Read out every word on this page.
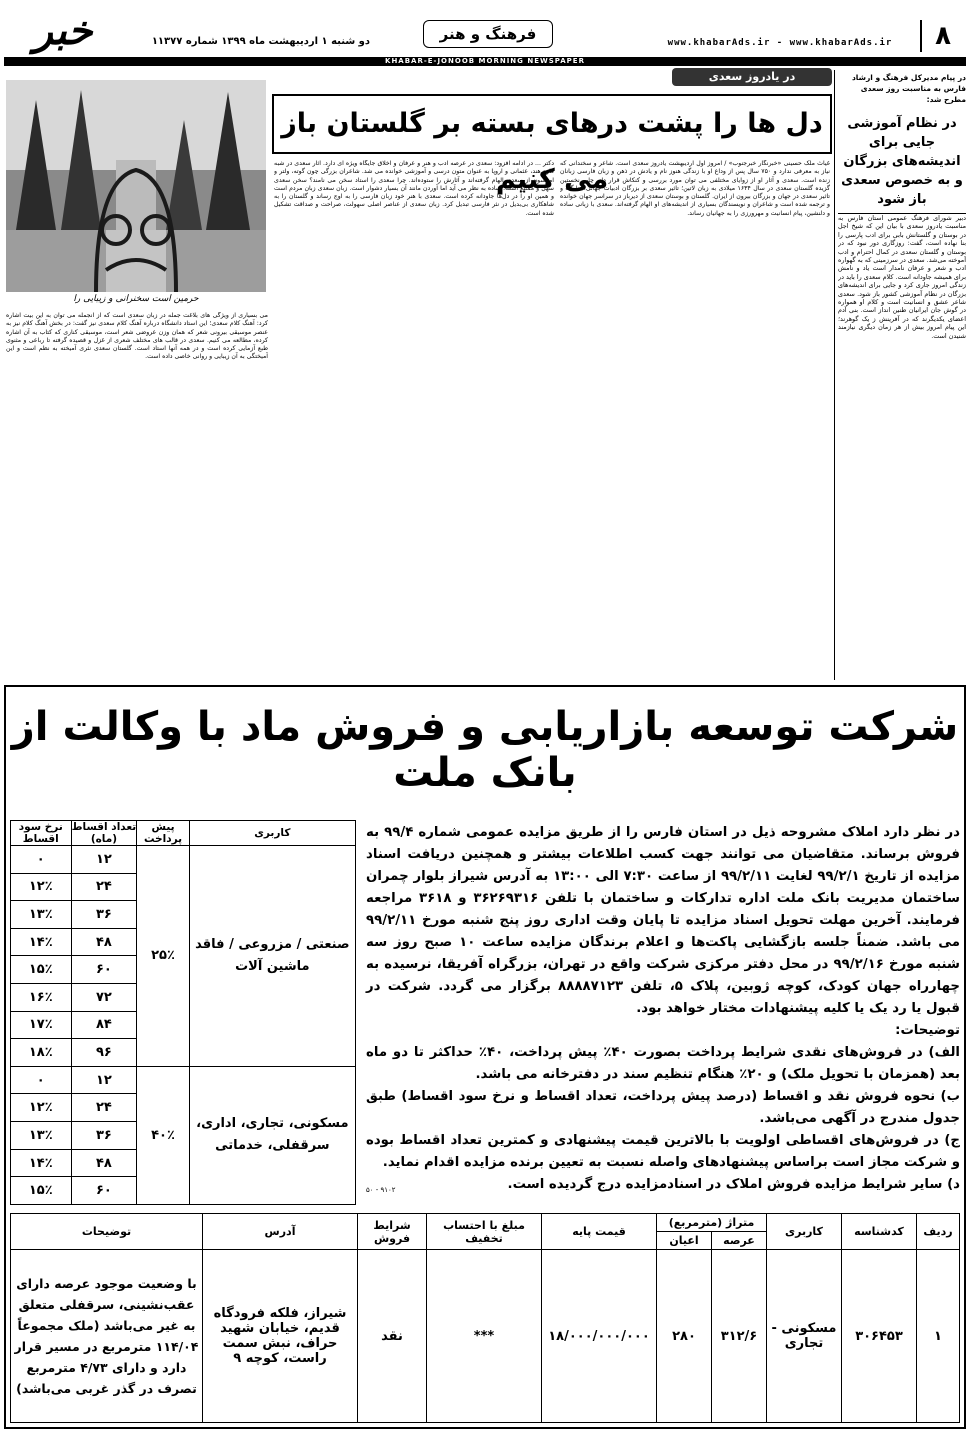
۸
www.khabarAds.ir - www.khabarAds.ir
فرهنگ و هنر
دو شنبه ۱ اردیبهشت ماه ۱۳۹۹ شماره ۱۱۳۷۷
خبر
KHABAR-E-JONOOB MORNING NEWSPAPER
در یادروز سعدی	در پیام مدیرکل فرهنگ و ارشاد فارس به مناسبت روز سعدی مطرح شد:
در نظام آموزشی جایی برای اندیشه‌های بزرگان و به خصوص سعدی باز شود
دبیر شورای فرهنگ عمومی استان فارس به مناسبت یادروز سعدی با بیان این که شیخ اجل در بوستان و گلستانش بابی برای ادب پارسی را بنا نهاده است، گفت: روزگاری دور نبود که در بوستان و گلستان سعدی در کمال احترام و ادب آموخته می‌شد. سعدی در سرزمینی که به گهواره ادب و شعر و عرفان نامدار است یاد و نامش برای همیشه جاودانه است. کلام سعدی را باید در زندگی امروز جاری کرد و جایی برای اندیشه‌های بزرگان در نظام آموزشی کشور باز شود. سعدی شاعر عشق و انسانیت است و کلام او همواره در گوش جان ایرانیان طنین انداز است. بنی آدم اعضای یکدیگرند که در آفرینش ز یک گوهرند؛ این پیام امروز بیش از هر زمان دیگری نیازمند شنیدن است.
دل ها را پشت درهای بسته بر گلستان باز می کنیم
غیاث ملک حسینی «خبرنگار خبرجنوب» / امروز اول اردیبهشت یادروز سعدی است. شاعر و سخندانی که نیاز به معرفی ندارد و ۷۵۰ سال پس از وداع او با زندگی هنوز نام و یادش در ذهن و زبان فارسی زبانان زنده است. سعدی و آثار او از زوایای مختلفی می توان مورد بررسی و کنکاش قرار داد. چاپ نخستین گزیده گلستان سعدی در سال ۱۶۳۴ میلادی به زبان لاتین؛ تاثیر سعدی بر بزرگان ادبیات جهانی؛ جایگاه و تاثیر سعدی در جهان و بزرگان بیرون از ایران. گلستان و بوستان سعدی از دیرباز در سراسر جهان خوانده و ترجمه شده است و شاعران و نویسندگان بسیاری از اندیشه‌های او الهام گرفته‌اند. سعدی با زبانی ساده و دلنشین، پیام انسانیت و مهرورزی را به جهانیان رساند.
دکتر ... در ادامه افزود: سعدی در عرصه ادب و هنر و عرفان و اخلاق جایگاه ویژه ای دارد. آثار سعدی در شبه قاره هند، عثمانی و اروپا به عنوان متون درسی و آموزشی خوانده می شد. شاعران بزرگی چون گوته، ولتر و امرسون از سعدی الهام گرفته‌اند و آثارش را ستوده‌اند. چرا سعدی را استاد سخن می نامند؟ سخن سعدی سهل و ممتنع است؛ ساده به نظر می آید اما آوردن مانند آن بسیار دشوار است. زبان سعدی زبان مردم است و همین او را در دل‌ها جاودانه کرده است. سعدی با هنر خود زبان فارسی را به اوج رساند و گلستان را به شاهکاری بی‌بدیل در نثر فارسی تبدیل کرد. زبان سعدی از عناصر اصلی سهولت، صراحت و صداقت تشکیل شده است.
می بسیاری از ویژگی های بلاغت جمله در زبان سعدی است که از آنجمله می توان به این بیت اشاره کرد: آهنگ کلام سعدی؛ این استاد دانشگاه درباره آهنگ کلام سعدی نیز گفت: در بخش آهنگ کلام نیز به عنصر موسیقی بیرونی شعر که همان وزن عروضی شعر است، موسیقی کناری که کتاب به آن اشاره کرده، مطالعه می کنیم. سعدی در قالب های مختلف شعری از غزل و قصیده گرفته تا رباعی و مثنوی طبع آزمایی کرده است و در همه آنها استاد است. گلستان سعدی نثری آمیخته به نظم است و این آمیختگی به آن زیبایی و روانی خاصی داده است.
حرمین است سخنرانی و زیبایی را
شرکت توسعه بازاریابی و فروش ماد با وکالت از بانک ملت
در نظر دارد املاک مشروحه ذیل در استان فارس را از طریق مزایده عمومی شماره ۹۹/۴ به فروش برساند. متقاضیان می توانند جهت کسب اطلاعات بیشتر و همچنین دریافت اسناد مزایده از تاریخ ۹۹/۲/۱ لغایت ۹۹/۲/۱۱ از ساعت ۷:۳۰ الی ۱۳:۰۰ به آدرس شیراز بلوار چمران ساختمان مدیریت بانک ملت اداره تدارکات و ساختمان با تلفن ۳۶۲۶۹۳۱۶ و ۳۶۱۸ مراجعه فرمایند. آخرین مهلت تحویل اسناد مزایده تا پایان وقت اداری روز پنج شنبه مورخ ۹۹/۲/۱۱ می باشد. ضمناً جلسه بازگشایی پاکت‌ها و اعلام برندگان مزایده ساعت ۱۰ صبح روز سه شنبه مورخ ۹۹/۲/۱۶ در محل دفتر مرکزی شرکت واقع در تهران، بزرگراه آفریقا، نرسیده به چهارراه جهان کودک، کوچه ژوبین، پلاک ۵، تلفن ۸۸۸۸۷۱۲۳ برگزار می گردد. شرکت در قبول یا رد یک یا کلیه پیشنهادات مختار خواهد بود.
توضیحات:
الف) در فروش‌های نقدی شرایط پرداخت بصورت ۴۰٪ پیش پرداخت، ۴۰٪ حداکثر تا دو ماه بعد (همزمان با تحویل ملک) و ۲۰٪ هنگام تنظیم سند در دفترخانه می باشد.
ب) نحوه فروش نقد و اقساط (درصد پیش پرداخت، تعداد اقساط و نرخ سود اقساط) طبق جدول مندرج در آگهی می‌باشد.
ج) در فروش‌های اقساطی اولویت با بالاترین قیمت پیشنهادی و کمترین تعداد اقساط بوده و شرکت مجاز است براساس پیشنهادهای واصله نسبت به تعیین برنده مزایده اقدام نماید.
د) سایر شرایط مزایده فروش املاک در اسنادمزایده درج گردیده است.
۵۰ - ۹۱۰۲
کاربری	پیش پرداخت	تعداد اقساط (ماه)	نرخ سود اقساط
صنعتی / مزروعی / فاقد ماشین آلات	۲۵٪	۱۲	۰
		۲۴	۱۲٪
		۳۶	۱۳٪
		۴۸	۱۴٪
		۶۰	۱۵٪
		۷۲	۱۶٪
		۸۴	۱۷٪
		۹۶	۱۸٪
مسکونی، تجاری، اداری، سرقفلی، خدماتی	۴۰٪	۱۲	۰
		۲۴	۱۲٪
		۳۶	۱۳٪
		۴۸	۱۴٪
		۶۰	۱۵٪
ردیف	کدشناسه	کاربری	متراژ (مترمربع)		قیمت پایه	مبلغ با احتساب تخفیف	شرایط فروش	آدرس	توضیحات
			عرصه	اعیان					
۱	۳۰۶۴۵۳	مسکونی - تجاری	۳۱۲/۶	۲۸۰	۱۸/۰۰۰/۰۰۰/۰۰۰	***	نقد	شیراز، فلکه فرودگاه قدیم، خیابان شهید حراف، نبش سمت راست، کوچه ۹	با وضعیت موجود عرصه دارای عقب‌نشینی، سرقفلی متعلق به غیر می‌باشد (ملک مجموعاً ۱۱۴/۰۴ مترمربع در مسیر قرار دارد و دارای ۴/۷۳ مترمربع تصرف در گذر غربی می‌باشد)
